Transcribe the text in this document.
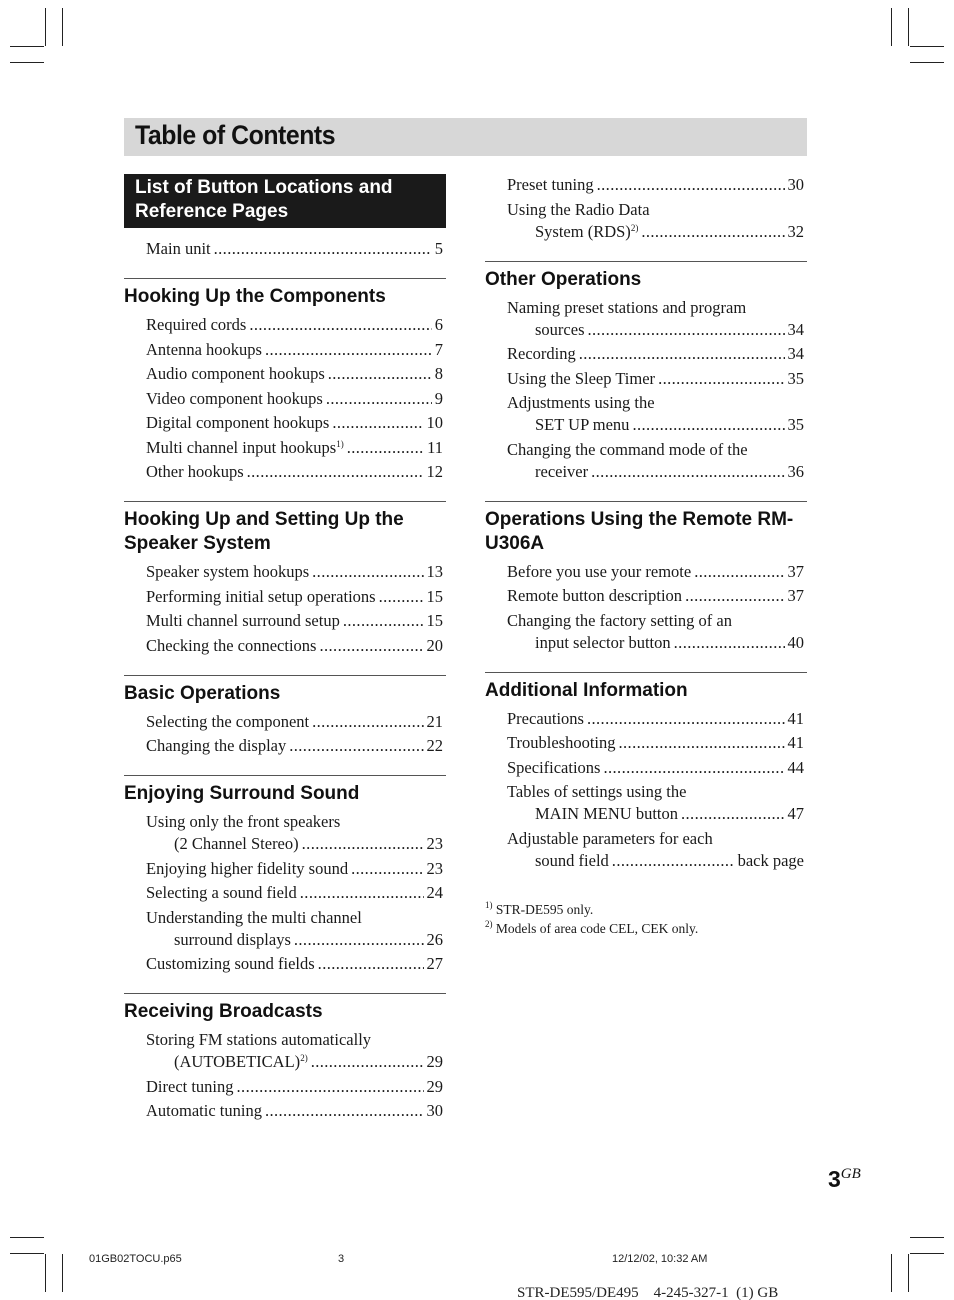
Table of Contents
List of Button Locations and Reference Pages
Main unit .....	5
Hooking Up the Components
Required cords .....	6
Antenna hookups .....	7
Audio component hookups .....	8
Video component hookups .....	9
Digital component hookups .....	10
Multi channel input hookups$^{1)}$ .....	11
Other hookups .....	12
Hooking Up and Setting Up the Speaker System
Speaker system hookups .....	13
Performing initial setup operations .....	15
Multi channel surround setup .....	15
Checking the connections .....	20
Basic Operations
Selecting the component .....	21
Changing the display .....	22
Enjoying Surround Sound
Using only the front speakers
(2 Channel Stereo) .....	23
Enjoying higher fidelity sound .....	23
Selecting a sound field .....	24
Understanding the multi channel
surround displays .....	26
Customizing sound fields .....	27
Receiving Broadcasts
Storing FM stations automatically
(AUTOBETICAL)$^{2)}$ .....	29
Direct tuning .....	29
Automatic tuning .....	30
Preset tuning .....	30
Using the Radio Data
System (RDS)$^{2)}$ .....	32
Other Operations
Naming preset stations and program
sources .....	34
Recording .....	34
Using the Sleep Timer .....	35
Adjustments using the
SET UP menu .....	35
Changing the command mode of the
receiver .....	36
Operations Using the Remote RM-U306A
Before you use your remote .....	37
Remote button description .....	37
Changing the factory setting of an
input selector button .....	40
Additional Information
Precautions .....	41
Troubleshooting .....	41
Specifications .....	44
Tables of settings using the
MAIN MENU button .....	47
Adjustable parameters for each
sound field .....	back page
$^{1)}$ STR-DE595 only.
$^{2)}$ Models of area code CEL, CEK only.
$3^{GB}$
01GB02TOCU.p65	3	12/12/02, 10:32 AM
STR-DE595/DE495    4-245-327-1  (1) GB
